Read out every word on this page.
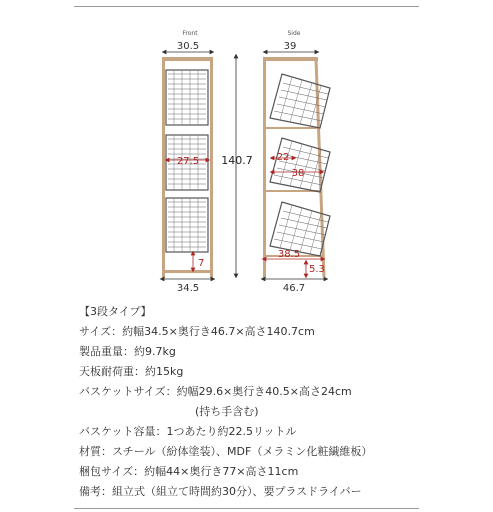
Front	Side
30.5
27.5
7
34.5
140.7
39
22
38
38.5
5.3
46.7
【3段タイプ】
サイズ：約幅34.5×奥行き46.7×高さ140.7cm
製品重量：約9.7kg
天板耐荷重：約15kg
バスケットサイズ：約幅29.6×奥行き40.5×高さ24cm
(持ち手含む)
バスケット容量：1つあたり約22.5リットル
材質：スチール（紛体塗装）、MDF（メラミン化粧繊維板）
梱包サイズ：約幅44×奥行き77×高さ11cm
備考：組立式（組立て時間約30分）、要プラスドライバー
